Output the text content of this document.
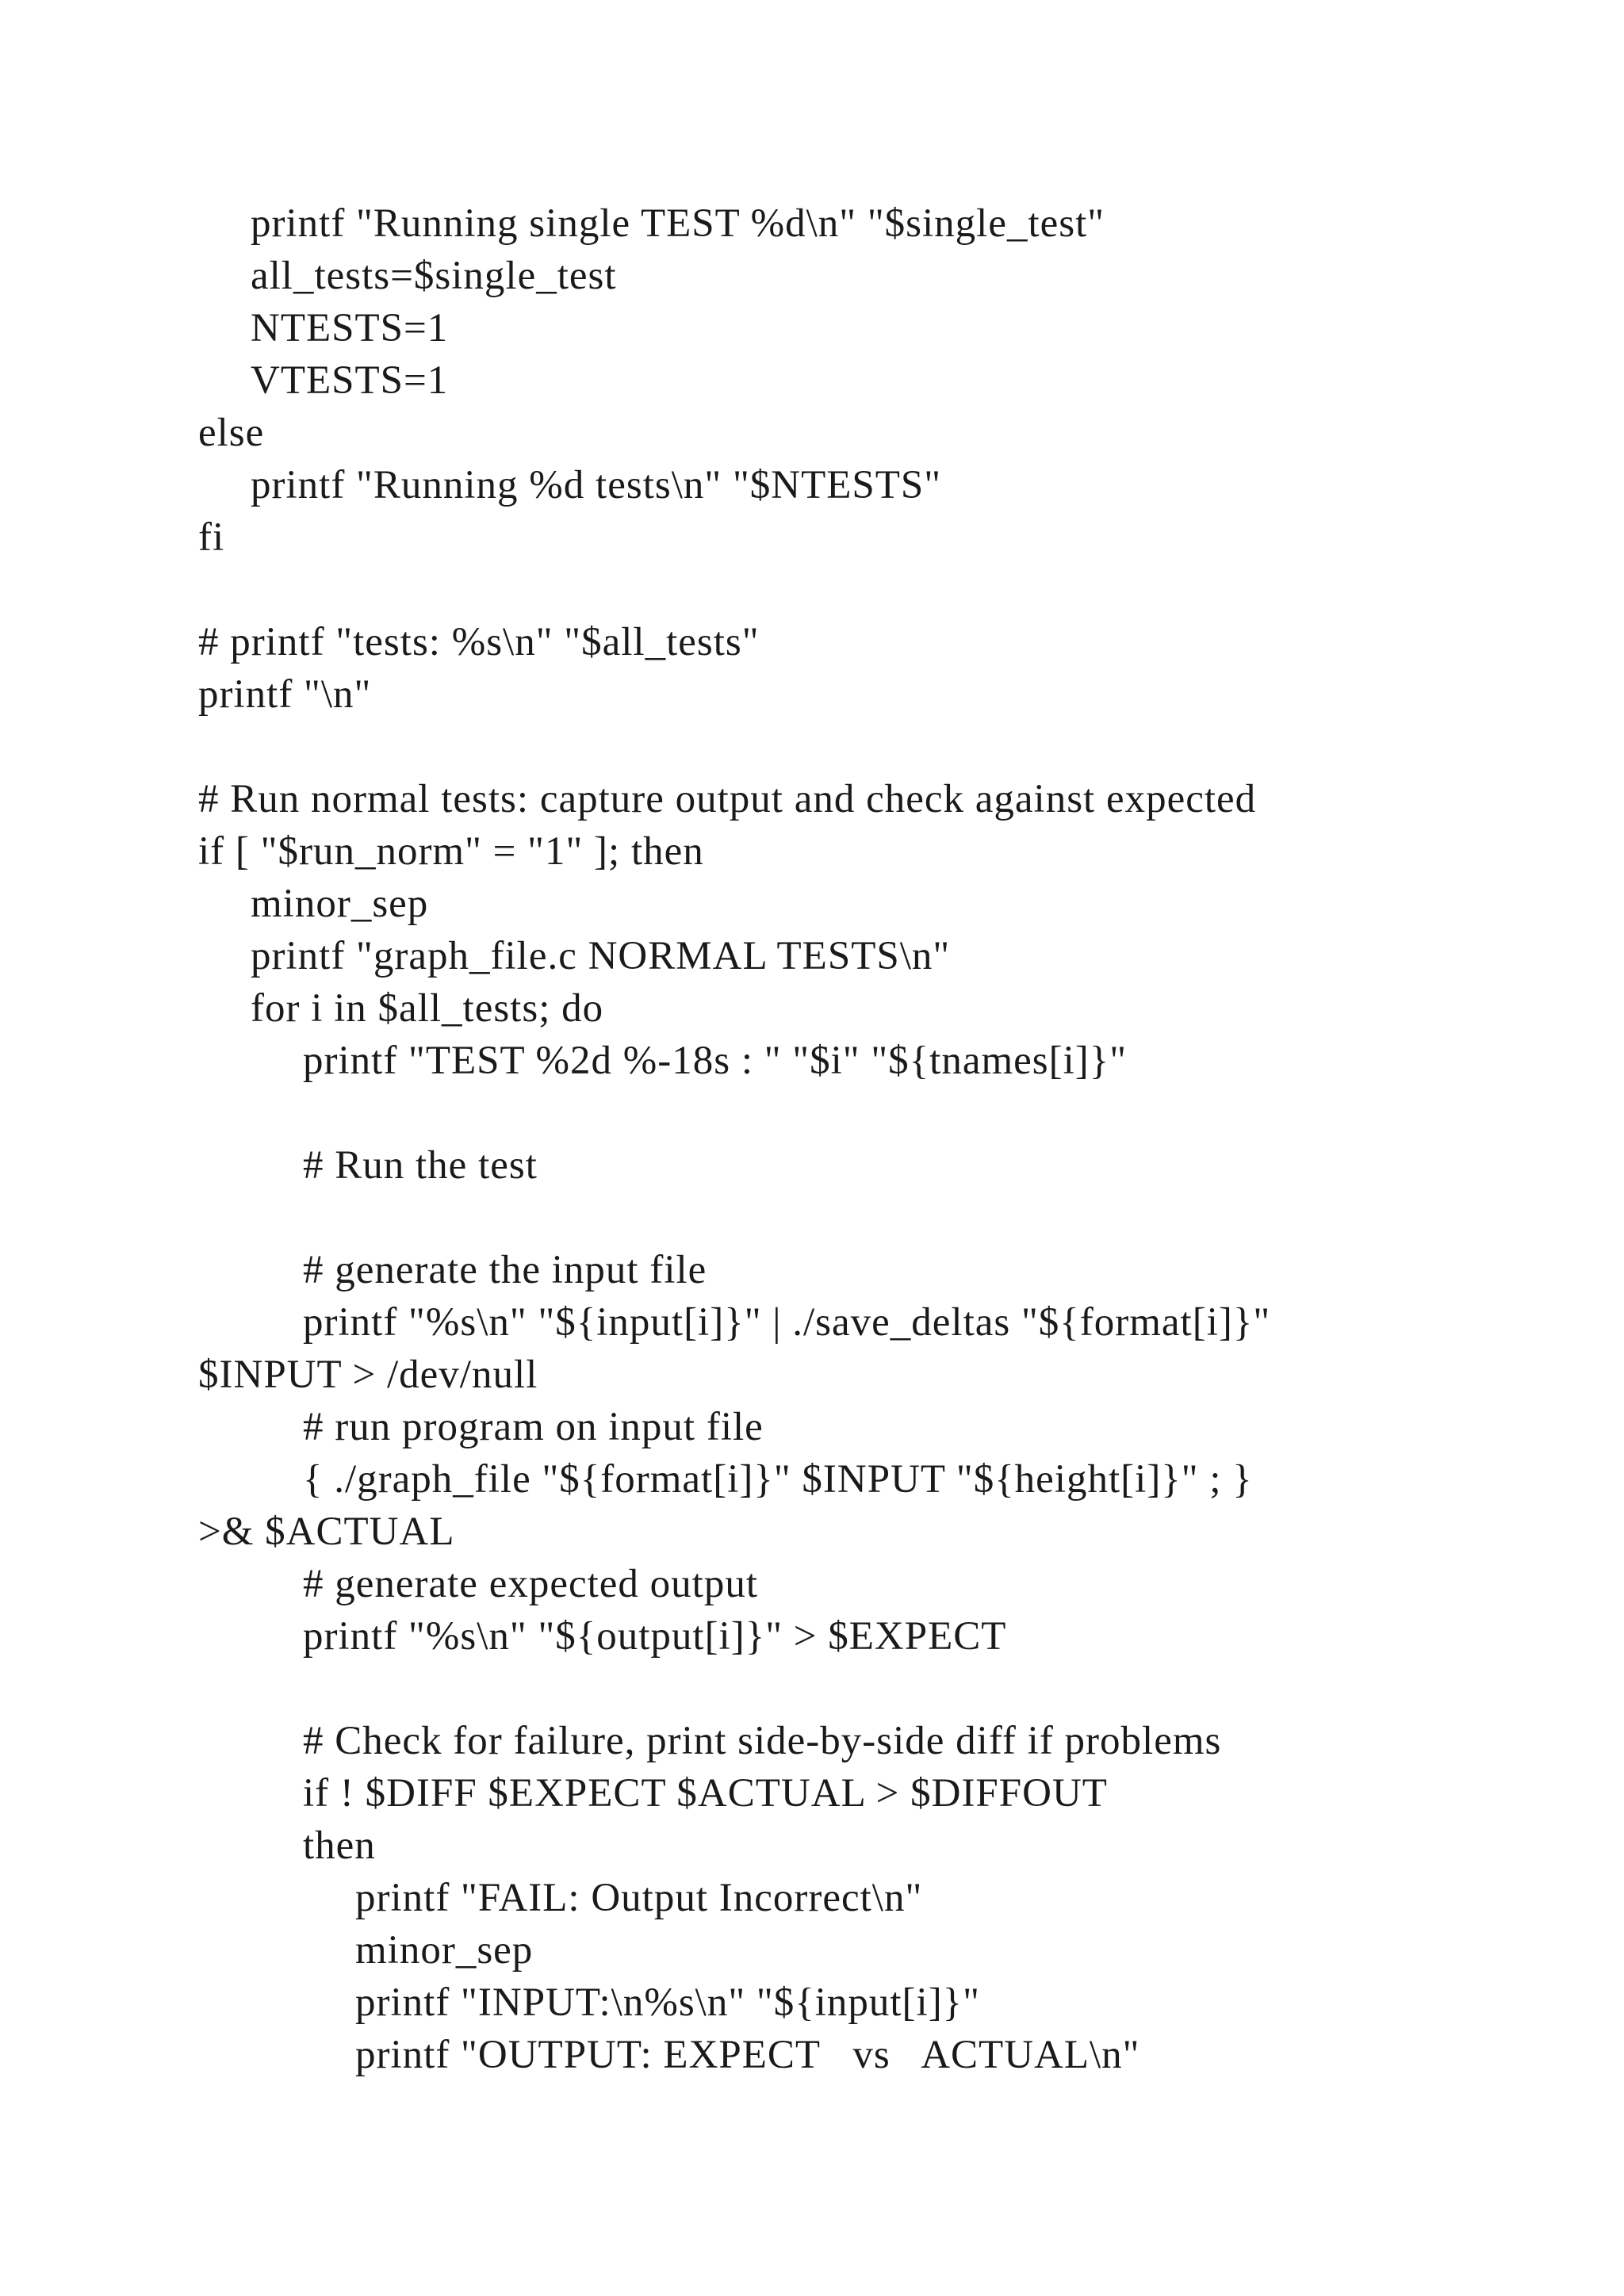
printf "Running single TEST %d\n" "$single_test"
all_tests=$single_test
NTESTS=1
VTESTS=1
else
printf "Running %d tests\n" "$NTESTS"
fi
# printf "tests: %s\n" "$all_tests"
printf "\n"
# Run normal tests: capture output and check against expected
if [ "$run_norm" = "1" ]; then
minor_sep
printf "graph_file.c NORMAL TESTS\n"
for i in $all_tests; do
printf "TEST %2d %-18s : " "$i" "${tnames[i]}"
# Run the test
# generate the input file
printf "%s\n" "${input[i]}" | ./save_deltas "${format[i]}"
$INPUT > /dev/null
# run program on input file
{ ./graph_file "${format[i]}" $INPUT "${height[i]}" ; }
>& $ACTUAL
# generate expected output
printf "%s\n" "${output[i]}" > $EXPECT
# Check for failure, print side-by-side diff if problems
if ! $DIFF $EXPECT $ACTUAL > $DIFFOUT
then
printf "FAIL: Output Incorrect\n"
minor_sep
printf "INPUT:\n%s\n" "${input[i]}"
printf "OUTPUT: EXPECT   vs   ACTUAL\n"
